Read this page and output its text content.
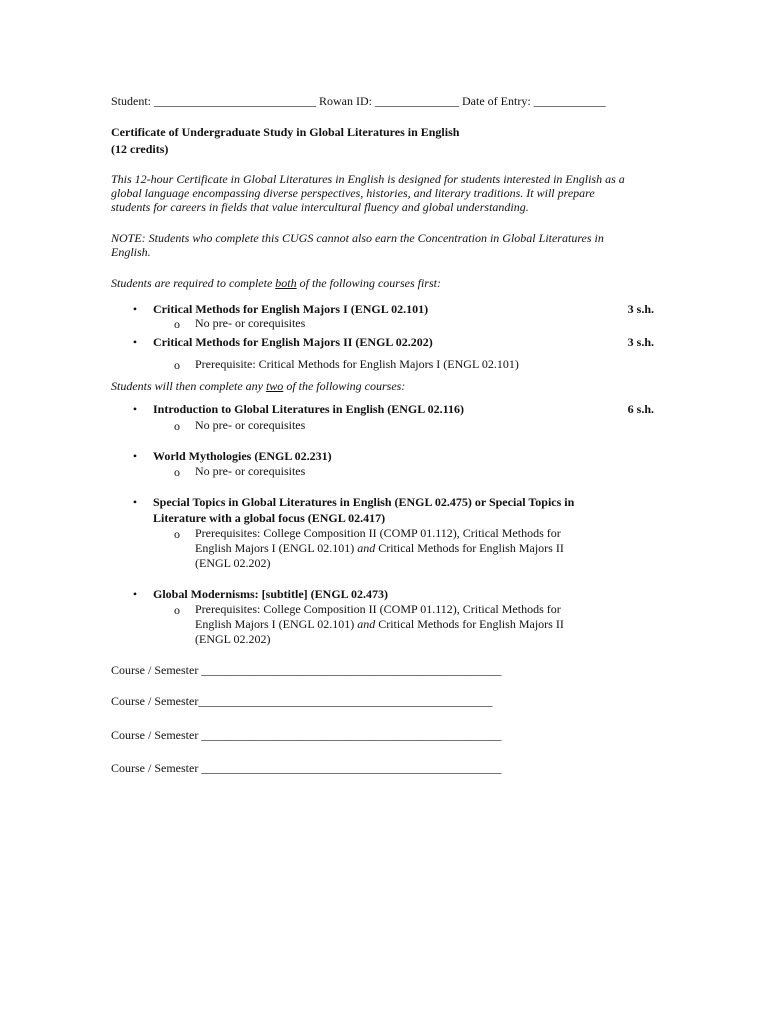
Student: ___________________________ Rowan ID: ______________ Date of Entry: ____________
Certificate of Undergraduate Study in Global Literatures in English
(12 credits)
This 12-hour Certificate in Global Literatures in English is designed for students interested in English as a
global language encompassing diverse perspectives, histories, and literary traditions. It will prepare
students for careers in fields that value intercultural fluency and global understanding.
NOTE: Students who complete this CUGS cannot also earn the Concentration in Global Literatures in
English.
Students are required to complete both of the following courses first:
• Critical Methods for English Majors I (ENGL 02.101)	3 s.h.
o No pre- or corequisites
• Critical Methods for English Majors II (ENGL 02.202)	3 s.h.
o Prerequisite: Critical Methods for English Majors I (ENGL 02.101)
Students will then complete any two of the following courses:
• Introduction to Global Literatures in English (ENGL 02.116)	6 s.h.
o No pre- or corequisites
• World Mythologies (ENGL 02.231)
o No pre- or corequisites
• Special Topics in Global Literatures in English (ENGL 02.475) or Special Topics in
Literature with a global focus (ENGL 02.417)
o Prerequisites: College Composition II (COMP 01.112), Critical Methods for
English Majors I (ENGL 02.101) and Critical Methods for English Majors II
(ENGL 02.202)
• Global Modernisms: [subtitle] (ENGL 02.473)
o Prerequisites: College Composition II (COMP 01.112), Critical Methods for
English Majors I (ENGL 02.101) and Critical Methods for English Majors II
(ENGL 02.202)
Course / Semester __________________________________________________
Course / Semester_________________________________________________
Course / Semester __________________________________________________
Course / Semester __________________________________________________
